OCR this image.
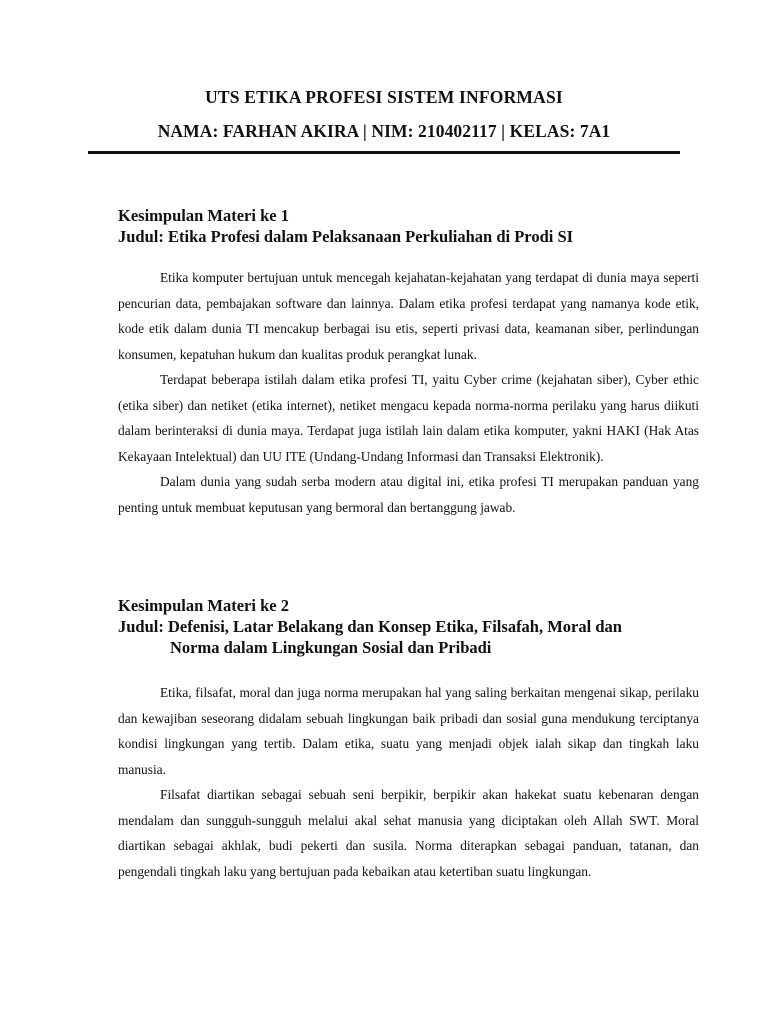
UTS ETIKA PROFESI SISTEM INFORMASI
NAMA: FARHAN AKIRA | NIM: 210402117 | KELAS: 7A1
Kesimpulan Materi ke 1
Judul: Etika Profesi dalam Pelaksanaan Perkuliahan di Prodi SI

Etika komputer bertujuan untuk mencegah kejahatan-kejahatan yang terdapat di dunia maya seperti pencurian data, pembajakan software dan lainnya. Dalam etika profesi terdapat yang namanya kode etik, kode etik dalam dunia TI mencakup berbagai isu etis, seperti privasi data, keamanan siber, perlindungan konsumen, kepatuhan hukum dan kualitas produk perangkat lunak.

Terdapat beberapa istilah dalam etika profesi TI, yaitu Cyber crime (kejahatan siber), Cyber ethic (etika siber) dan netiket (etika internet), netiket mengacu kepada norma-norma perilaku yang harus diikuti dalam berinteraksi di dunia maya. Terdapat juga istilah lain dalam etika komputer, yakni HAKI (Hak Atas Kekayaan Intelektual) dan UU ITE (Undang-Undang Informasi dan Transaksi Elektronik).

Dalam dunia yang sudah serba modern atau digital ini, etika profesi TI merupakan panduan yang penting untuk membuat keputusan yang bermoral dan bertanggung jawab.

Kesimpulan Materi ke 2
Judul: Defenisi, Latar Belakang dan Konsep Etika, Filsafah, Moral dan
Norma dalam Lingkungan Sosial dan Pribadi

Etika, filsafat, moral dan juga norma merupakan hal yang saling berkaitan mengenai sikap, perilaku dan kewajiban seseorang didalam sebuah lingkungan baik pribadi dan sosial guna mendukung terciptanya kondisi lingkungan yang tertib. Dalam etika, suatu yang menjadi objek ialah sikap dan tingkah laku manusia.

Filsafat diartikan sebagai sebuah seni berpikir, berpikir akan hakekat suatu kebenaran dengan mendalam dan sungguh-sungguh melalui akal sehat manusia yang diciptakan oleh Allah SWT. Moral diartikan sebagai akhlak, budi pekerti dan susila. Norma diterapkan sebagai panduan, tatanan, dan pengendali tingkah laku yang bertujuan pada kebaikan atau ketertiban suatu lingkungan.
